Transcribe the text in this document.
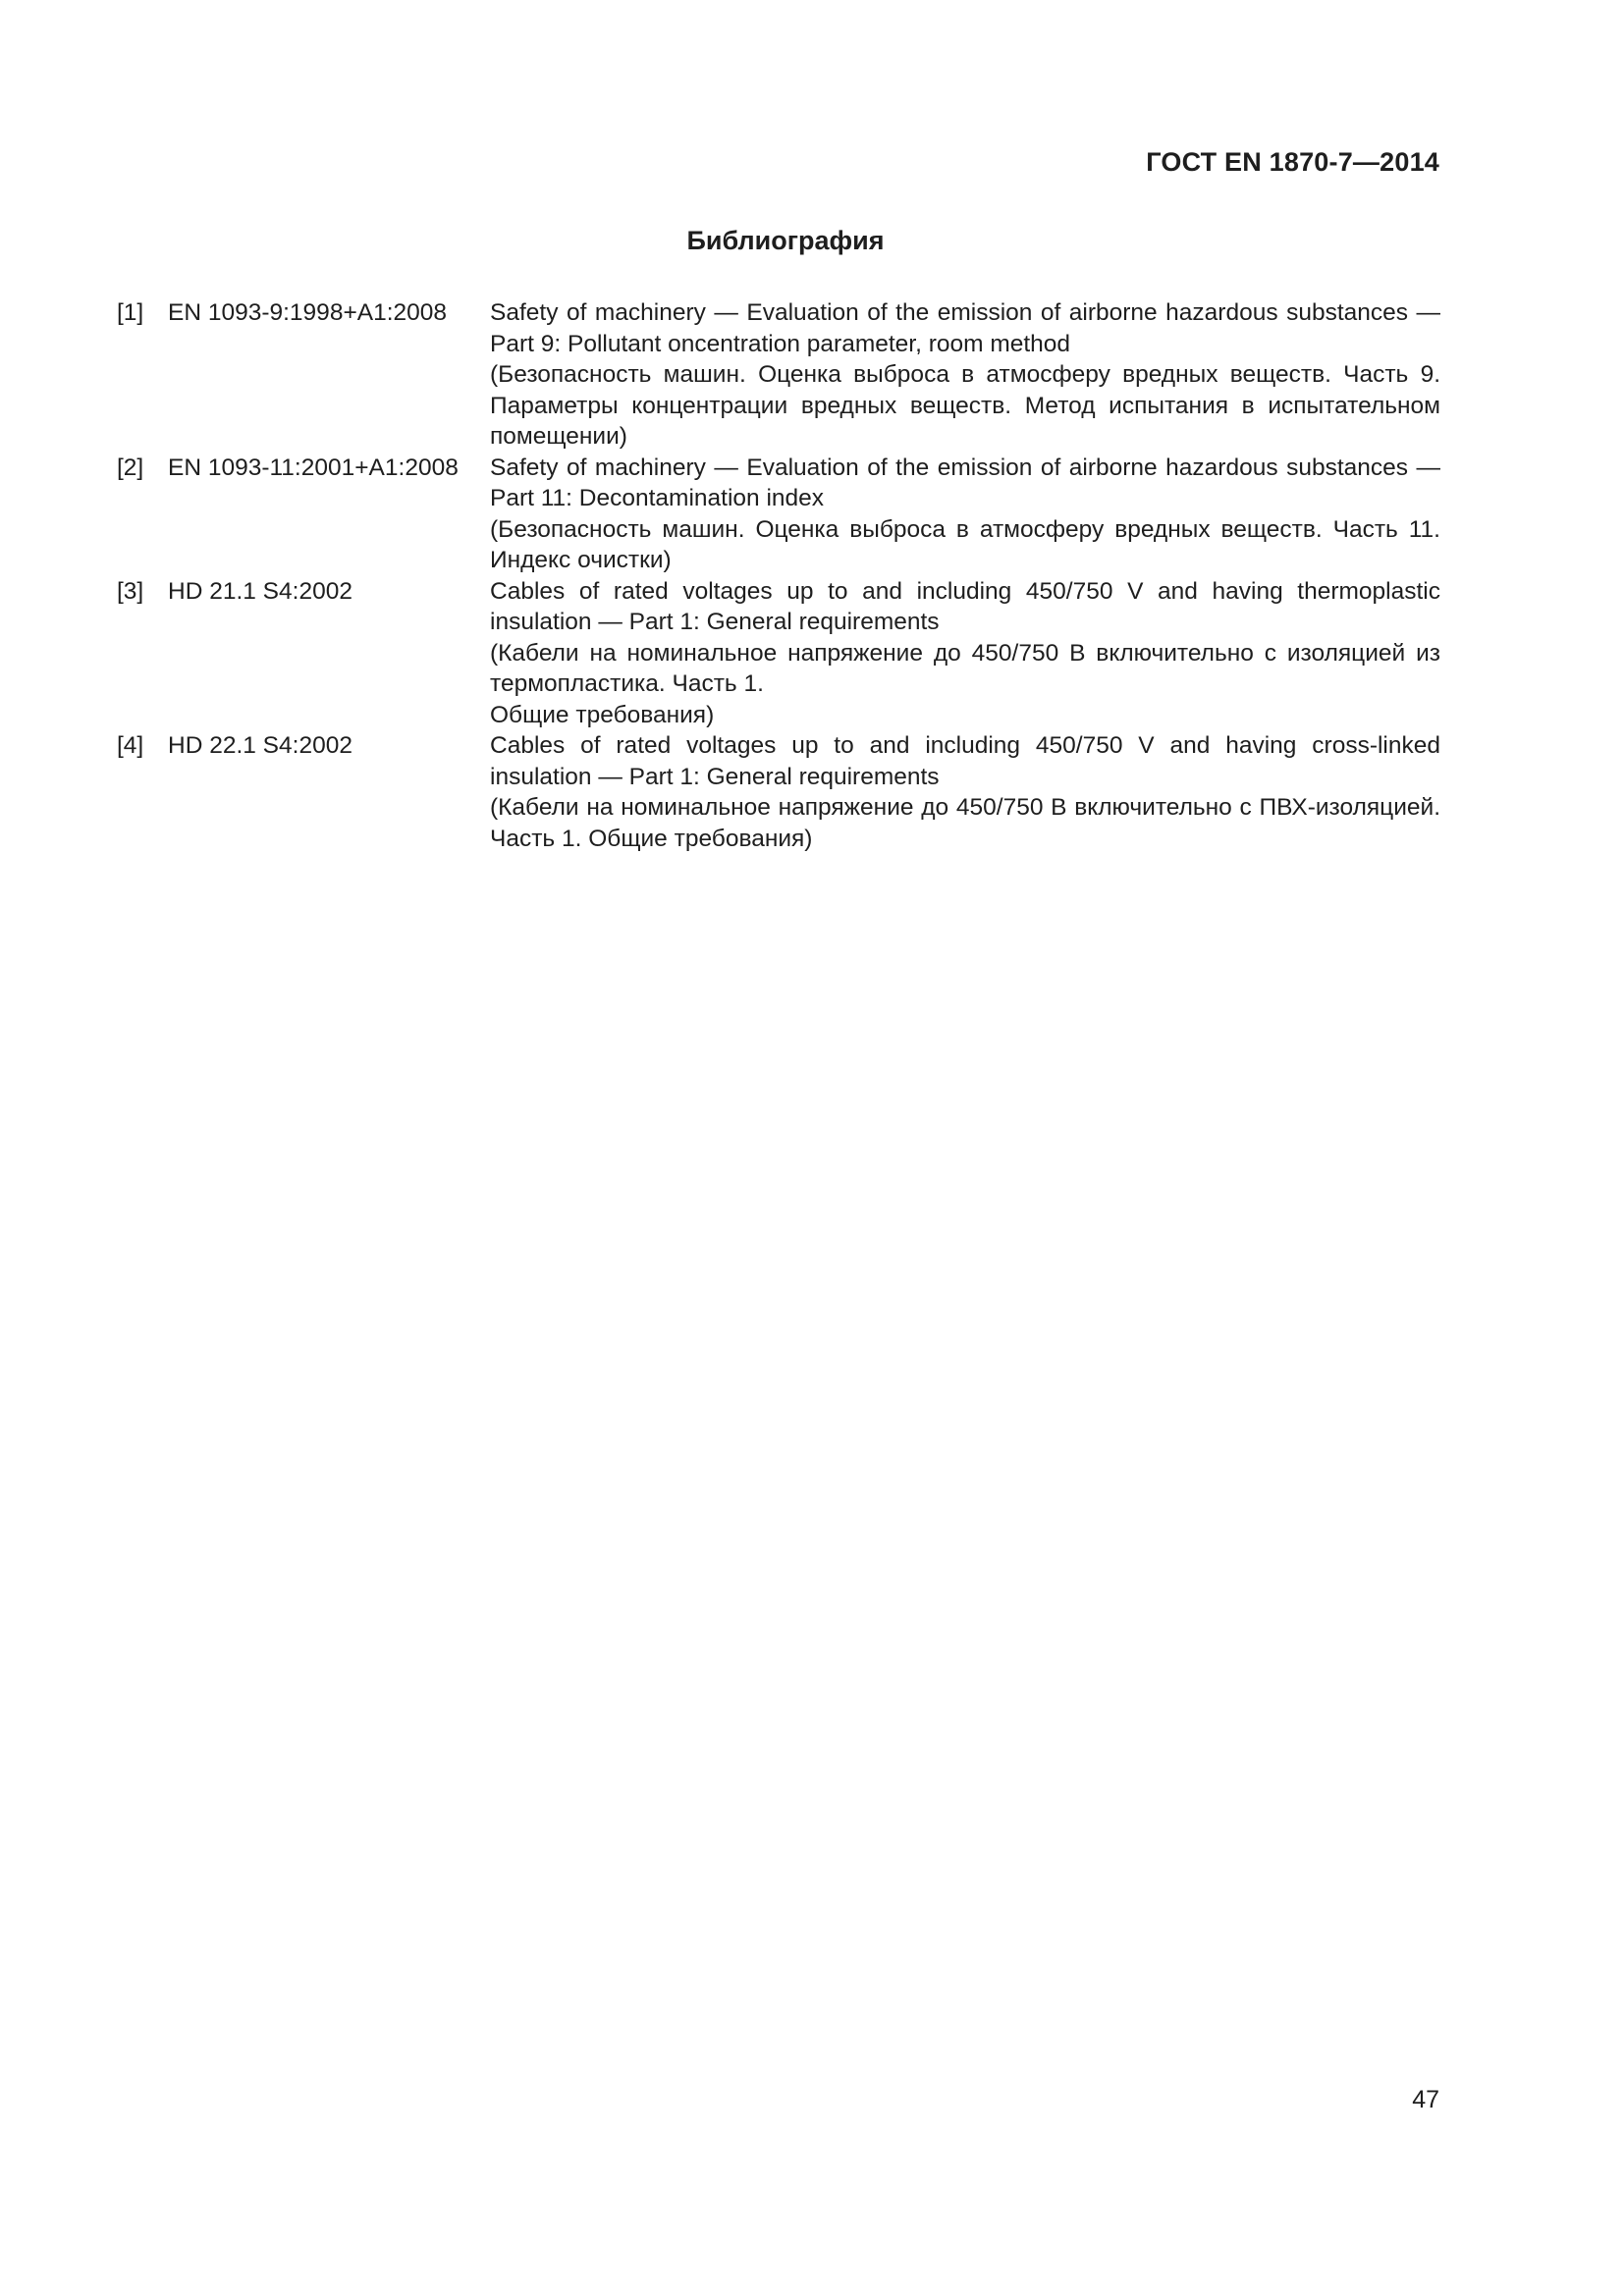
ГОСТ EN 1870-7—2014
Библиография
[1]	EN 1093-9:1998+A1:2008	Safety of machinery — Evaluation of the emission of airborne hazardous substances — Part 9: Pollutant oncentration parameter, room method

(Безопасность машин. Оценка выброса в атмосферу вредных веществ. Часть 9. Параметры концентрации вредных веществ. Метод испытания в испытательном помещении)

[2]	EN 1093-11:2001+A1:2008	Safety of machinery — Evaluation of the emission of airborne hazardous substances — Part 11: Decontamination index

(Безопасность машин. Оценка выброса в атмосферу вредных веществ. Часть 11. Индекс очистки)

[3]	HD 21.1 S4:2002	Cables of rated voltages up to and including 450/750 V and having thermoplastic insulation — Part 1: General requirements

(Кабели на номинальное напряжение до 450/750 В включительно с изоляцией из термопластика. Часть 1.

Общие требования)

[4]	HD 22.1 S4:2002	Cables of rated voltages up to and including 450/750 V and having cross-linked insulation — Part 1: General requirements

(Кабели на номинальное напряжение до 450/750 В включительно с ПВХ-изоляцией. Часть 1. Общие требования)

47
